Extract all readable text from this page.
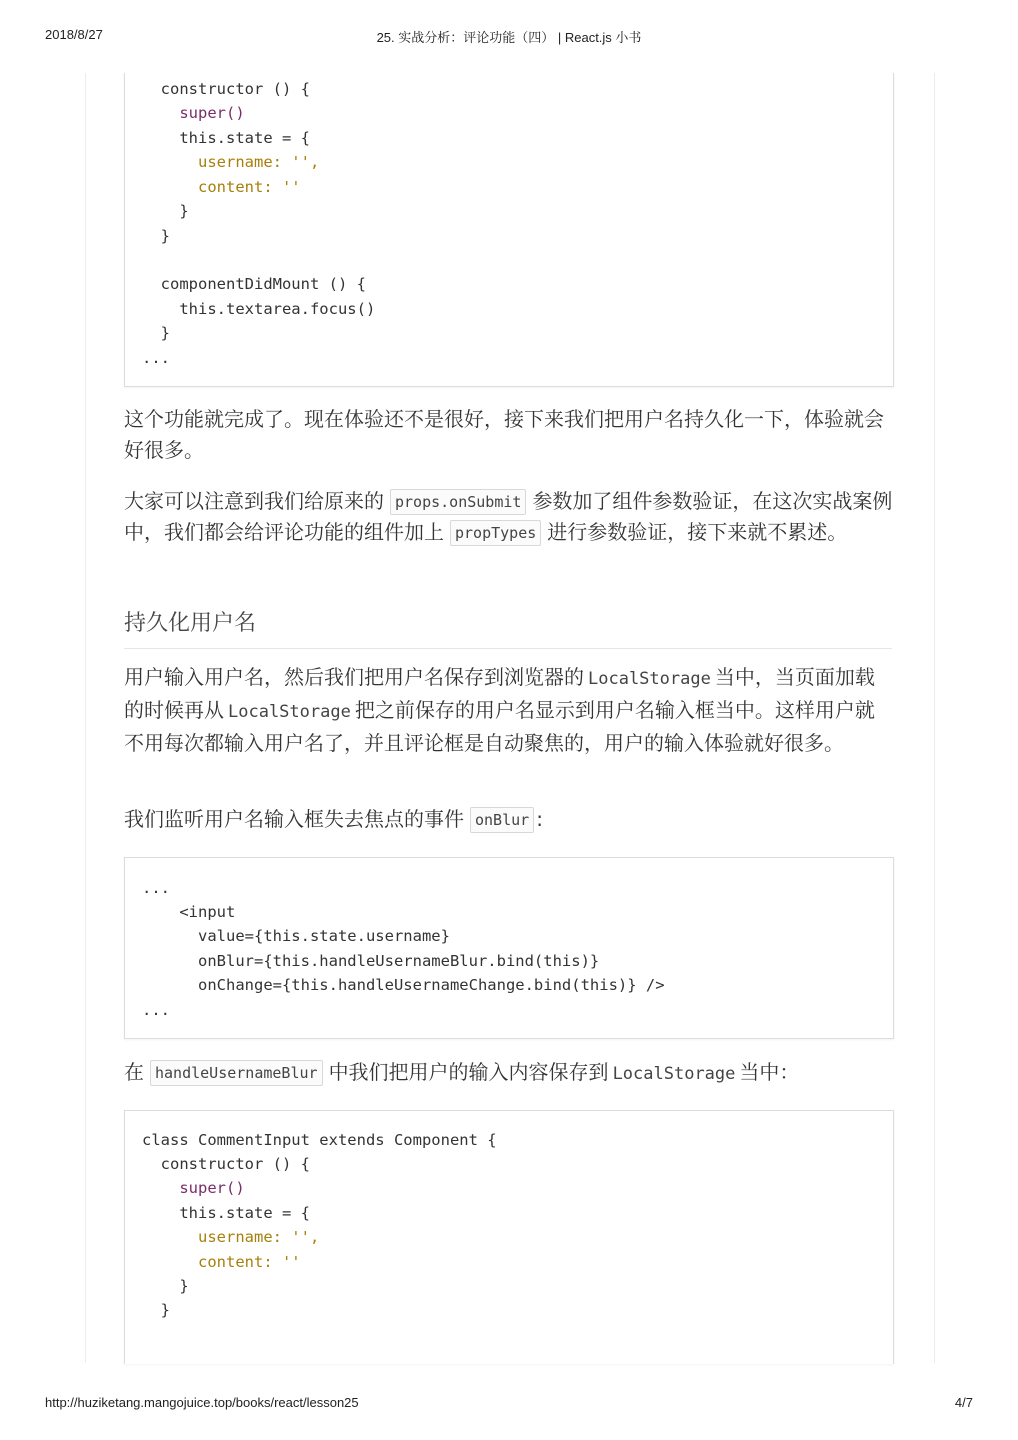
2018/8/27	25. 实战分析：评论功能（四） | React.js 小书
constructor () {
super()
this.state = {
username: '',
content: ''
}
}
componentDidMount () {
this.textarea.focus()
}
...
这个功能就完成了。现在体验还不是很好，接下来我们把用户名持久化一下，体验就会好很多。
大家可以注意到我们给原来的 props.onSubmit 参数加了组件参数验证，在这次实战案例中，我们都会给评论功能的组件加上 propTypes 进行参数验证，接下来就不累述。
持久化用户名
用户输入用户名，然后我们把用户名保存到浏览器的 LocalStorage 当中，当页面加载的时候再从 LocalStorage 把之前保存的用户名显示到用户名输入框当中。这样用户就不用每次都输入用户名了，并且评论框是自动聚焦的，用户的输入体验就好很多。
我们监听用户名输入框失去焦点的事件 onBlur :
...
<input
value={this.state.username}
onBlur={this.handleUsernameBlur.bind(this)}
onChange={this.handleUsernameChange.bind(this)} />
...
在 handleUsernameBlur 中我们把用户的输入内容保存到 LocalStorage 当中：
class CommentInput extends Component {
constructor () {
super()
this.state = {
username: '',
content: ''
}
}
http://huziketang.mangojuice.top/books/react/lesson25	4/7
